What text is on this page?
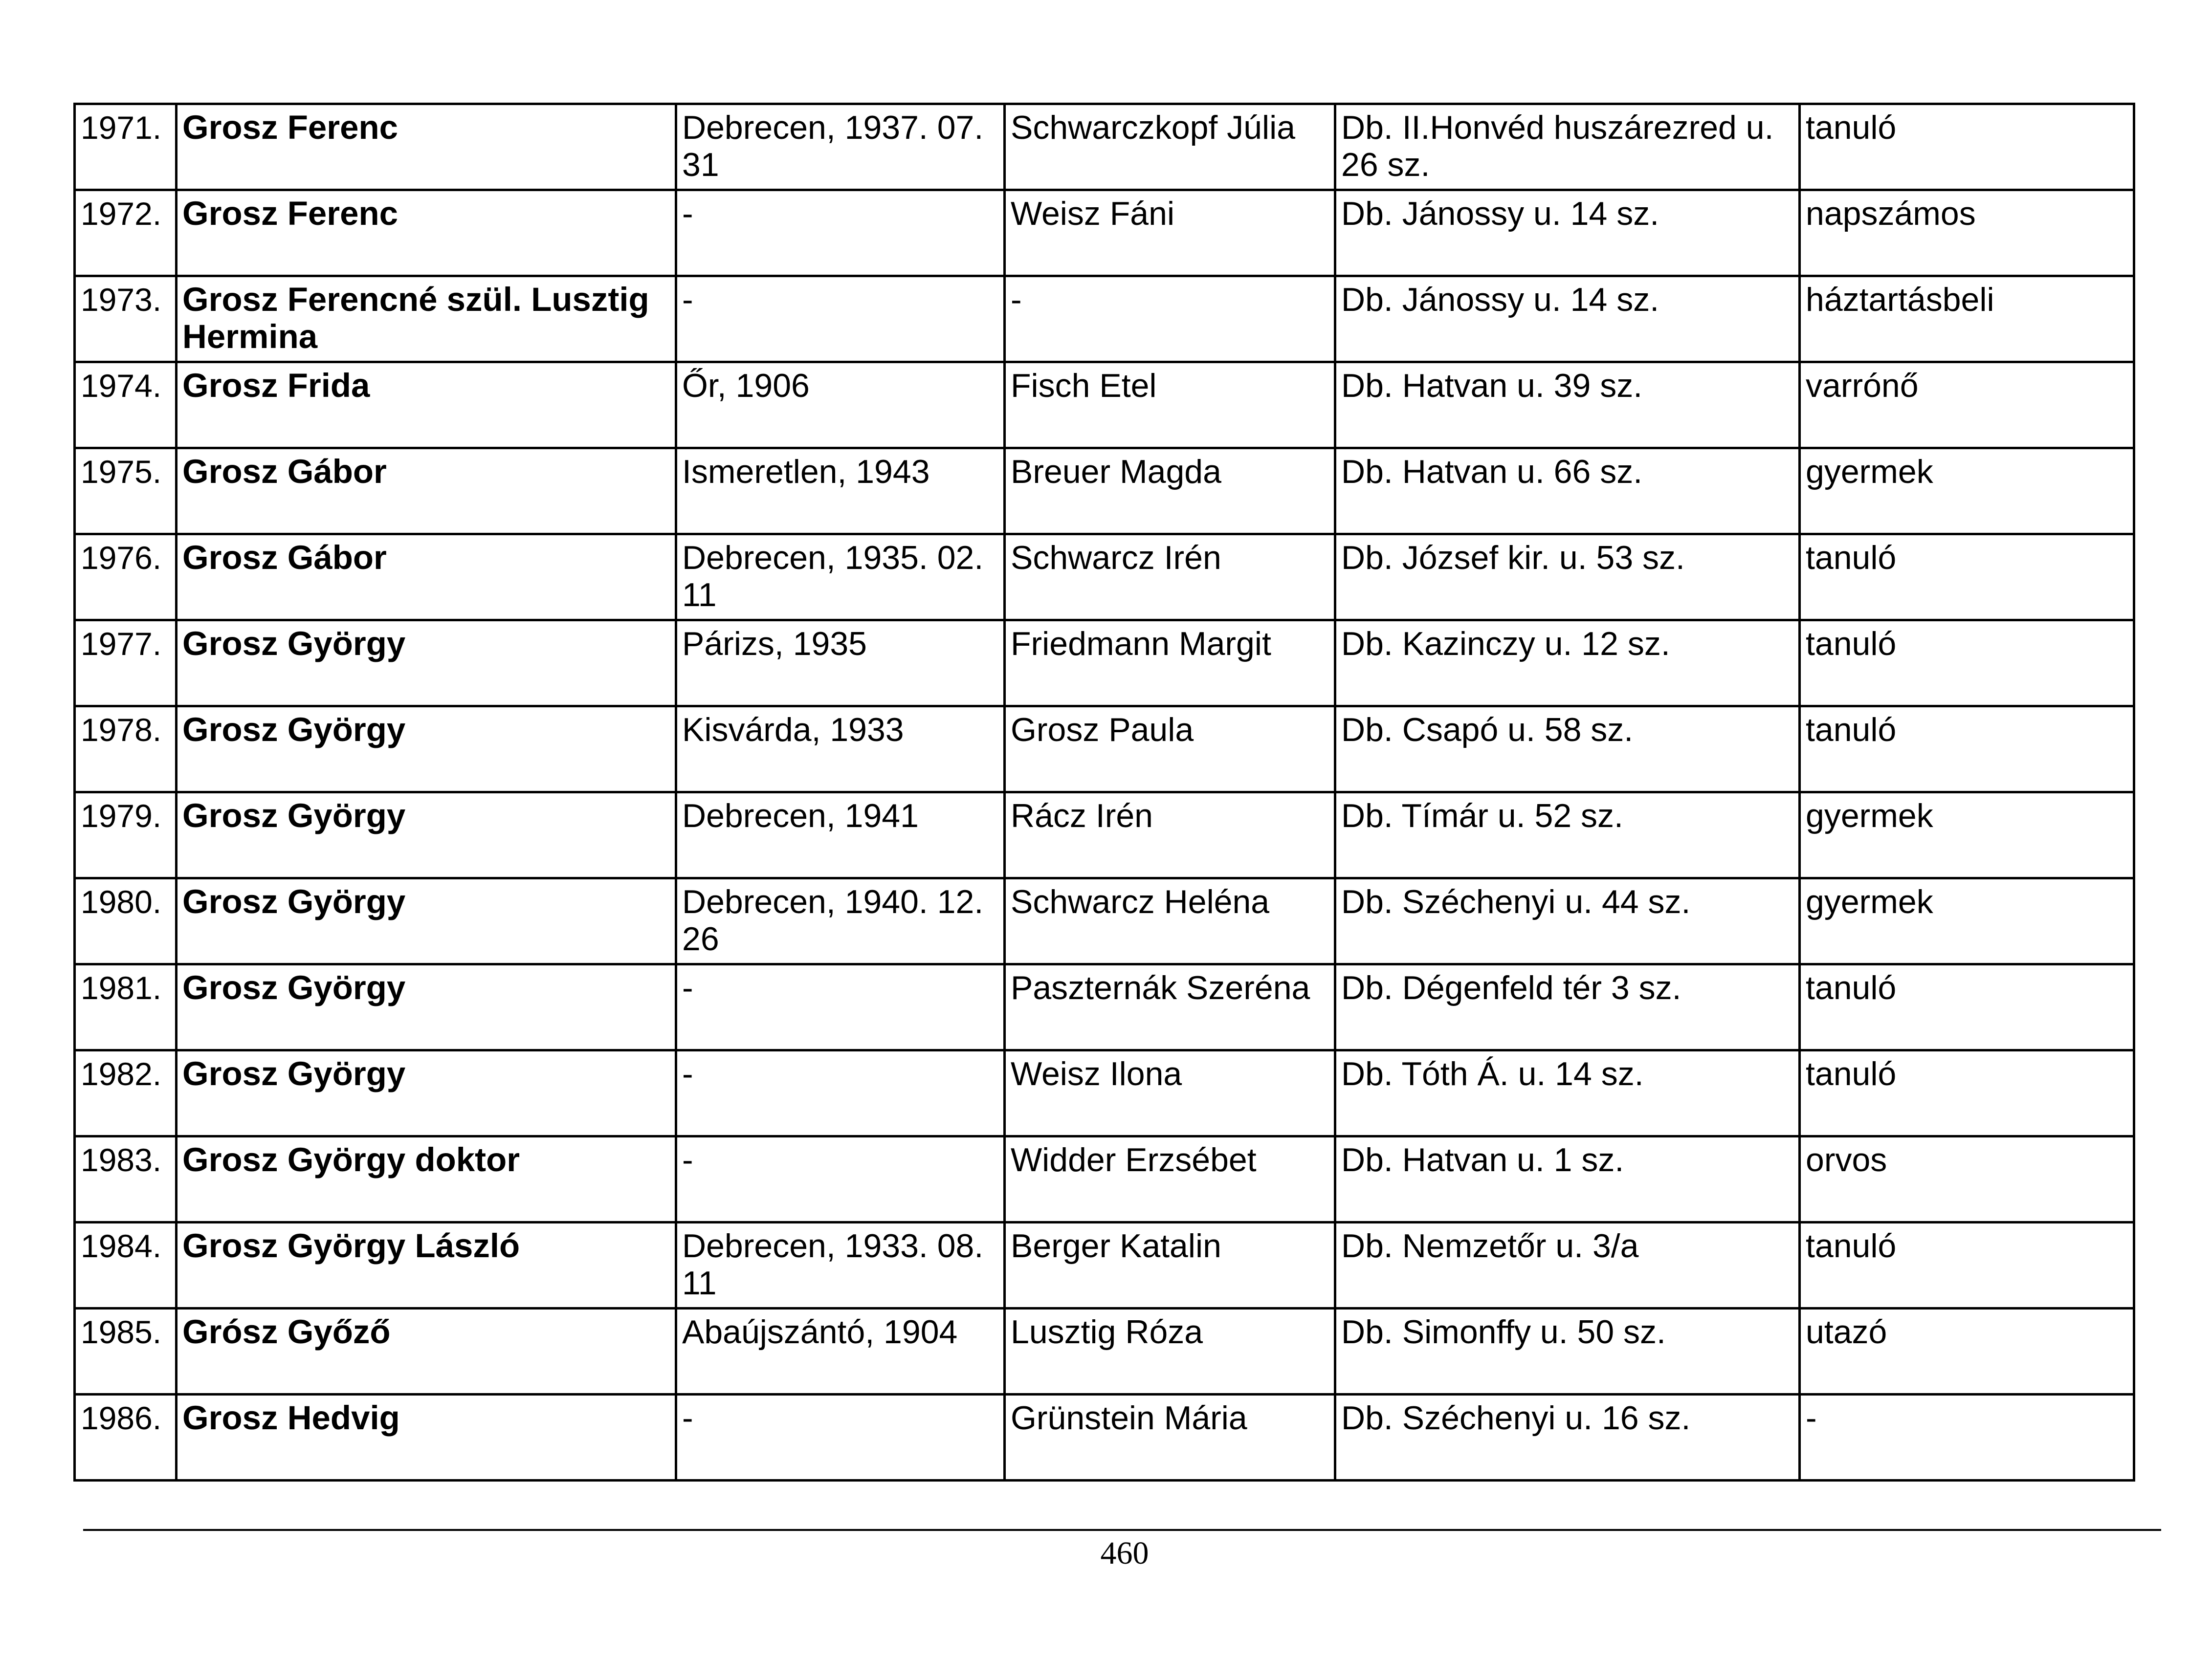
1971.	Grosz Ferenc	Debrecen, 1937. 07. 31	Schwarczkopf Júlia	Db. II.Honvéd huszárezred u. 26 sz.	tanuló
1972.	Grosz Ferenc	-	Weisz Fáni	Db. Jánossy u. 14 sz.	napszámos
1973.	Grosz Ferencné szül. Lusztig Hermina	-	-	Db. Jánossy u. 14 sz.	háztartásbeli
1974.	Grosz Frida	Őr, 1906	Fisch Etel	Db. Hatvan u. 39 sz.	varrónő
1975.	Grosz Gábor	Ismeretlen, 1943	Breuer Magda	Db. Hatvan u. 66 sz.	gyermek
1976.	Grosz Gábor	Debrecen, 1935. 02. 11	Schwarcz Irén	Db. József kir. u. 53 sz.	tanuló
1977.	Grosz György	Párizs, 1935	Friedmann Margit	Db. Kazinczy u. 12 sz.	tanuló
1978.	Grosz György	Kisvárda, 1933	Grosz Paula	Db. Csapó u. 58 sz.	tanuló
1979.	Grosz György	Debrecen, 1941	Rácz Irén	Db. Tímár u. 52 sz.	gyermek
1980.	Grosz György	Debrecen, 1940. 12. 26	Schwarcz Heléna	Db. Széchenyi u. 44 sz.	gyermek
1981.	Grosz György	-	Paszternák Szeréna	Db. Dégenfeld tér 3 sz.	tanuló
1982.	Grosz György	-	Weisz Ilona	Db. Tóth Á. u. 14 sz.	tanuló
1983.	Grosz György doktor	-	Widder Erzsébet	Db. Hatvan u. 1 sz.	orvos
1984.	Grosz György László	Debrecen, 1933. 08. 11	Berger Katalin	Db. Nemzetőr u. 3/a	tanuló
1985.	Grósz Győző	Abaújszántó, 1904	Lusztig Róza	Db. Simonffy u. 50 sz.	utazó
1986.	Grosz Hedvig	-	Grünstein Mária	Db. Széchenyi u. 16 sz.	-
460
